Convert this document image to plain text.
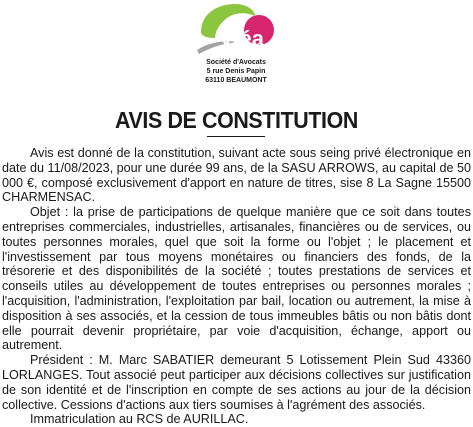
ytéa
Société d'Avocats
5 rue Denis Papin
63110 BEAUMONT
AVIS DE CONSTITUTION

Avis est donné de la constitution, suivant acte sous seing privé électronique en date du 11/08/2023, pour une durée 99 ans, de la SASU ARROWS, au capital de 50 000 €, composé exclusivement d'apport en nature de titres, sise 8 La Sagne 15500 CHARMENSAC.

Objet : la prise de participations de quelque manière que ce soit dans toutes entreprises commerciales, industrielles, artisanales, financières ou de services, ou toutes personnes morales, quel que soit la forme ou l'objet ; le placement et l'investissement par tous moyens monétaires ou financiers des fonds, de la trésorerie et des disponibilités de la société ; toutes prestations de services et conseils utiles au développement de toutes entreprises ou personnes morales ; l'acquisition, l'administration, l'exploitation par bail, location ou autrement, la mise à disposition à ses associés, et la cession de tous immeubles bâtis ou non bâtis dont elle pourrait devenir propriétaire, par voie d'acquisition, échange, apport ou autrement.

Président : M. Marc SABATIER demeurant 5 Lotissement Plein Sud 43360 LORLANGES. Tout associé peut participer aux décisions collectives sur justification de son identité et de l'inscription en compte de ses actions au jour de la décision collective. Cessions d'actions aux tiers soumises à l'agrément des associés.

Immatriculation au RCS de AURILLAC.
